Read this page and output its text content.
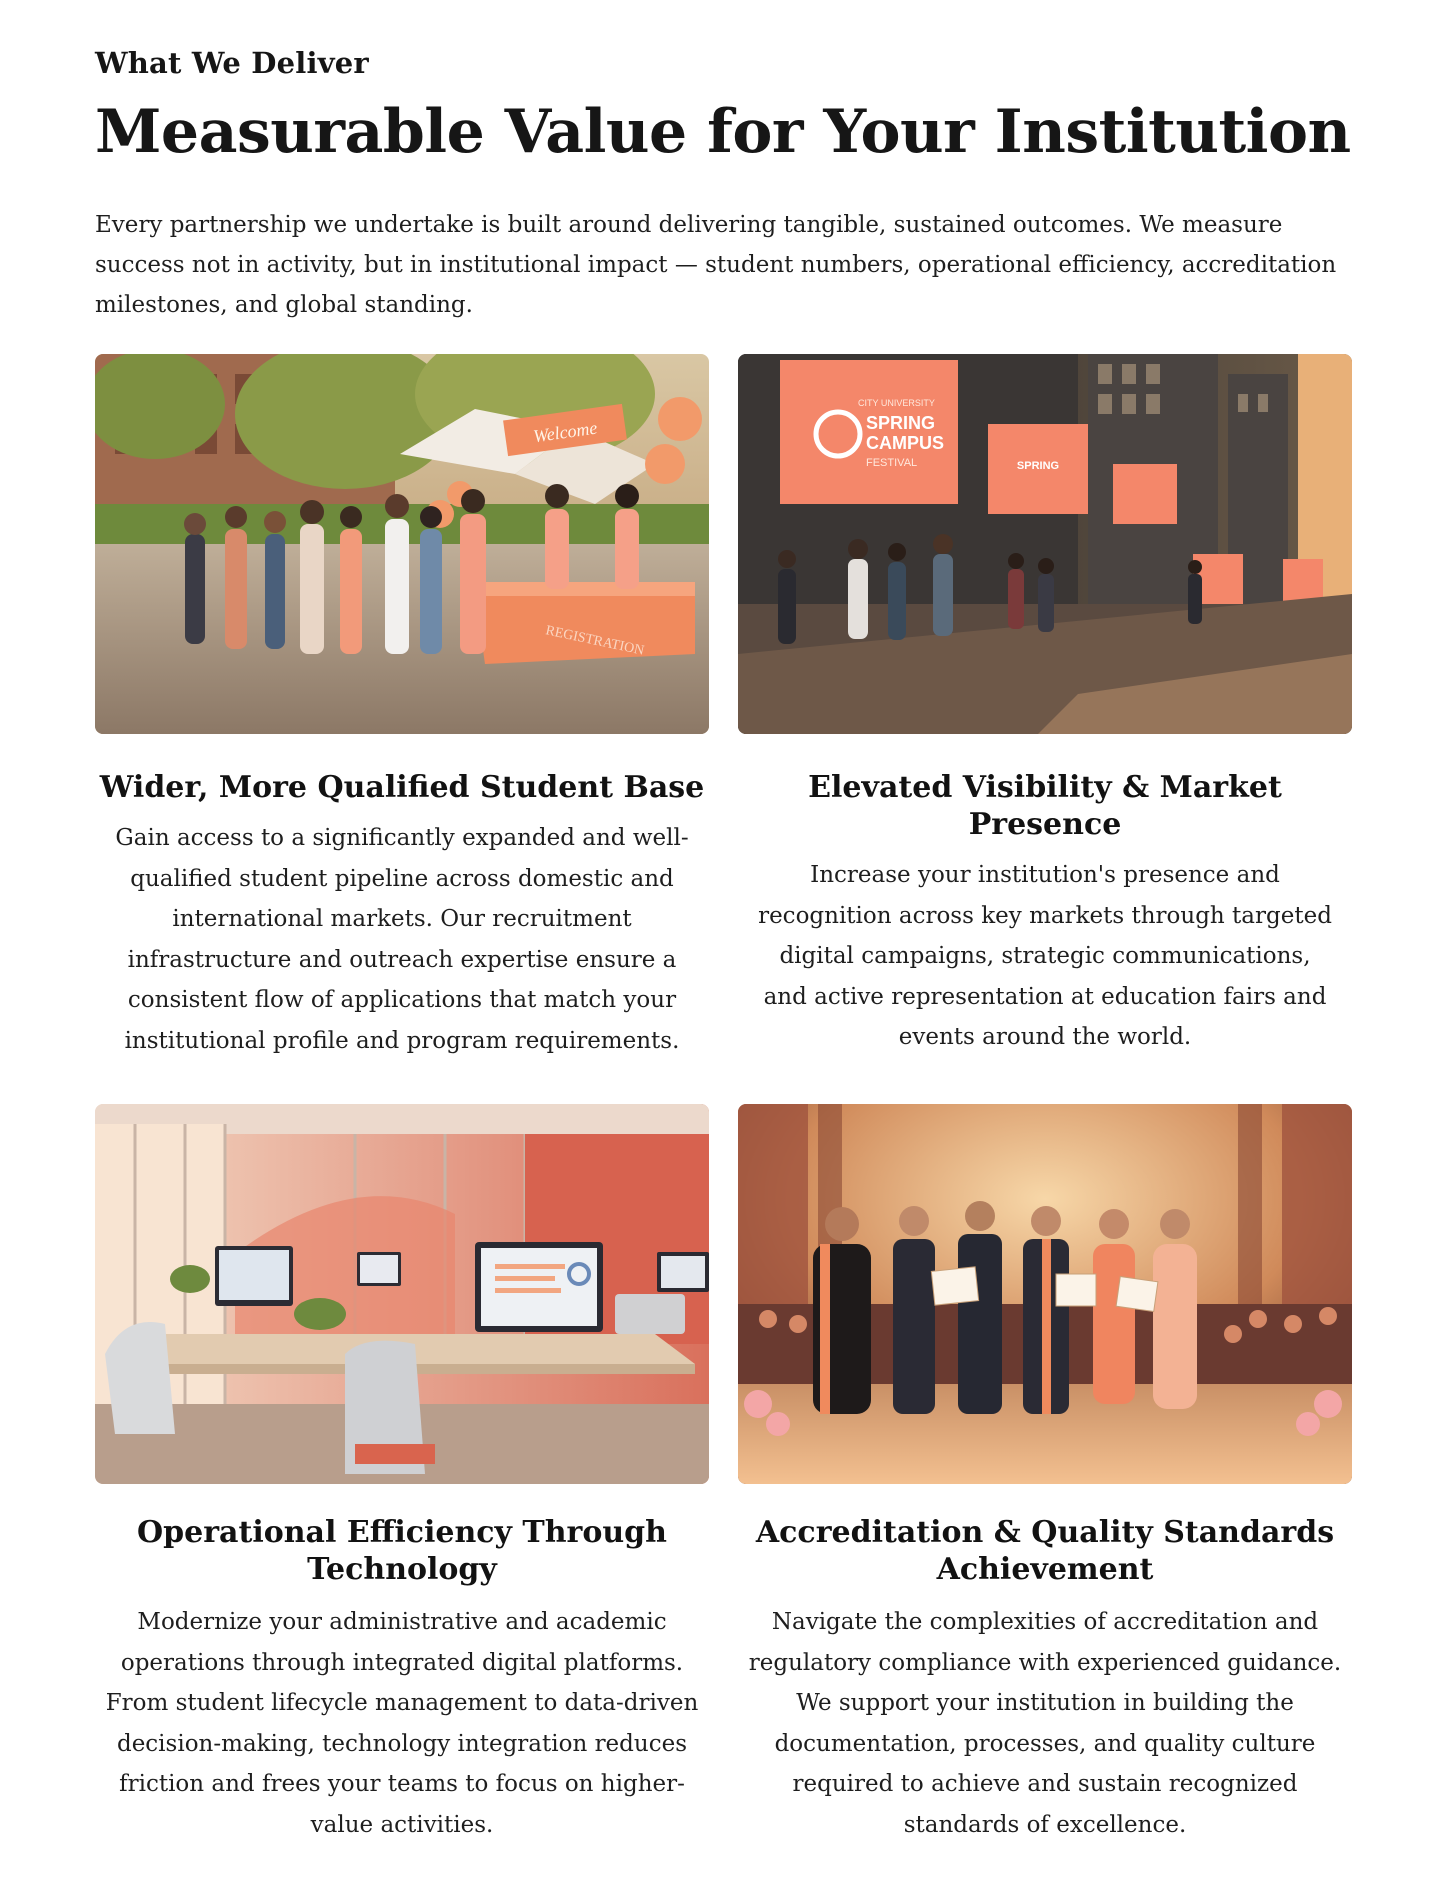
What We Deliver
Measurable Value for Your Institution

Every partnership we undertake is built around delivering tangible, sustained outcomes. We measure success not in activity, but in institutional impact — student numbers, operational efficiency, accreditation milestones, and global standing.

Welcome
REGISTRATION
Wider, More Qualified Student Base

Gain access to a significantly expanded and well-qualified student pipeline across domestic and international markets. Our recruitment infrastructure and outreach expertise ensure a consistent flow of applications that match your institutional profile and program requirements.

CITY UNIVERSITY
SPRING
CAMPUS
FESTIVAL	SPRING
Elevated Visibility & Market Presence

Increase your institution's presence and recognition across key markets through targeted digital campaigns, strategic communications, and active representation at education fairs and events around the world.

Operational Efficiency Through Technology

Modernize your administrative and academic operations through integrated digital platforms. From student lifecycle management to data-driven decision-making, technology integration reduces friction and frees your teams to focus on higher-value activities.

Accreditation & Quality Standards Achievement

Navigate the complexities of accreditation and regulatory compliance with experienced guidance. We support your institution in building the documentation, processes, and quality culture required to achieve and sustain recognized standards of excellence.
